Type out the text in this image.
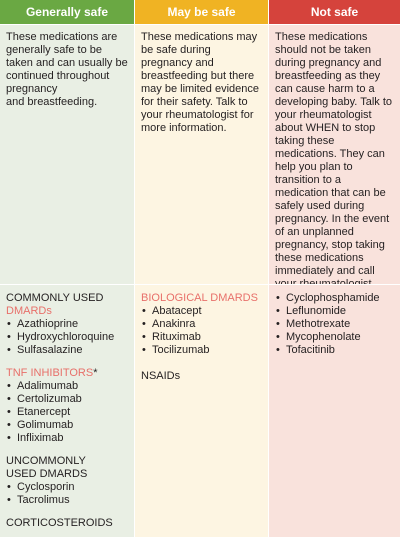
Generally safe	May be safe	Not safe

These medications are generally safe to be taken and can usually be continued throughout pregnancy
and breastfeeding.

These medications may be safe during pregnancy and breastfeeding but there may be limited evidence for their safety. Talk to your rheumatologist for more information.

These medications should not be taken during pregnancy and breastfeeding as they can cause harm to a developing baby. Talk to your rheumatologist about WHEN to stop taking these medications. They can help you plan to transition to a medication that can be safely used during pregnancy. In the event of an unplanned pregnancy, stop taking these medications immediately and call

COMMONLY USED
DMARDs
• Azathioprine
• Hydroxychloroquine
• Sulfasalazine
TNF INHIBITORS*
• Adalimumab
• Certolizumab
• Etanercept
• Golimumab
• Infliximab
UNCOMMONLY
USED DMARDS
• Cyclosporin
• Tacrolimus
CORTICOSTEROIDS
BIOLOGICAL DMARDS
• Abatacept
• Anakinra
• Rituximab
• Tocilizumab
NSAIDs
• Cyclophosphamide
• Leflunomide
• Methotrexate
• Mycophenolate
• Tofacitinib
